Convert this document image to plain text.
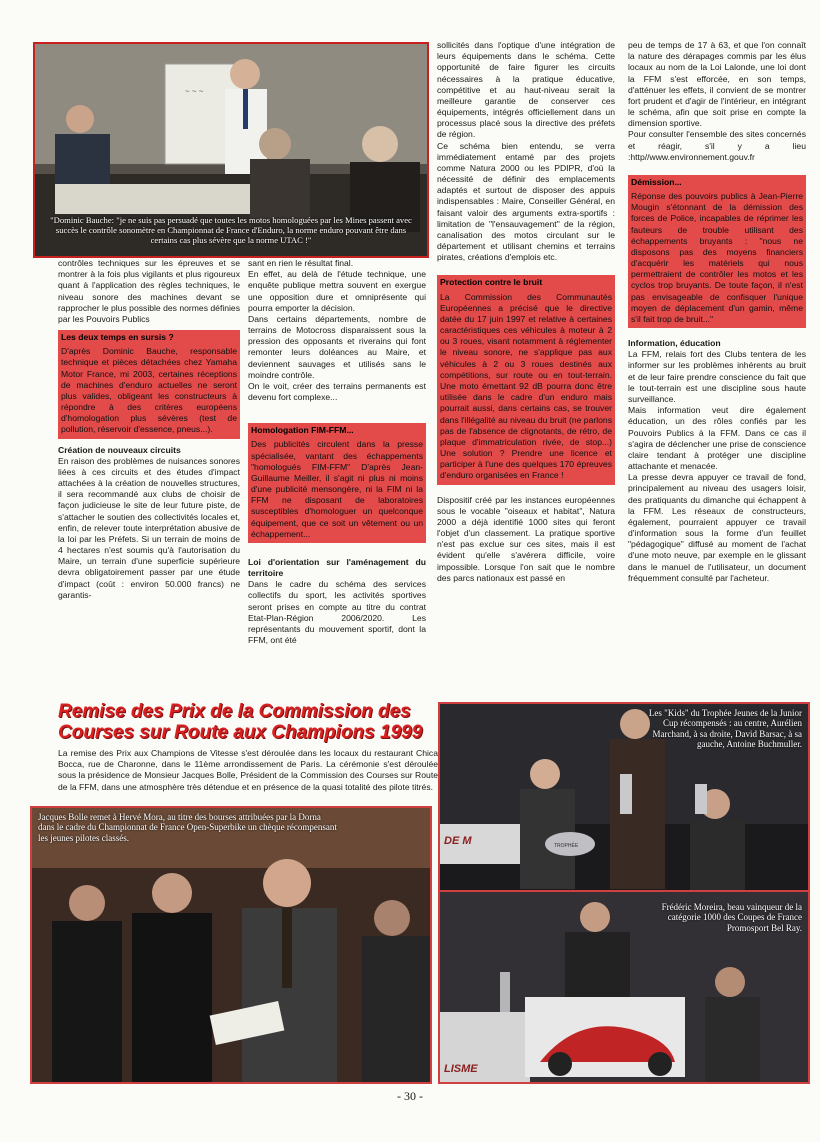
~ ~ ~
"Dominic Bauche: "je ne suis pas persuadé que toutes les motos homologuées par les Mines passent avec succès le contrôle sonomètre en Championnat de France d'Enduro, la norme enduro pouvant être dans certains cas plus sévère que la norme UTAC !"

contrôles techniques sur les épreuves et se montrer à la fois plus vigilants et plus rigoureux quant à l'application des règles techniques, le niveau sonore des machines devant se rapprocher le plus possible des normes définies par les Pouvoirs Publics

Les deux temps en sursis ?
D'après Dominic Bauche, responsable technique et pièces détachées chez Yamaha Motor France, mi 2003, certaines réceptions de machines d'enduro actuelles ne seront plus valides, obligeant les constructeurs à répondre à des critères européens d'homologation plus sévères (test de pollution, réservoir d'essence, pneus...).
Création de nouveaux circuits

En raison des problèmes de nuisances sonores liées à ces circuits et des études d'impact attachées à la création de nouvelles structures, il sera recommandé aux clubs de choisir de façon judicieuse le site de leur future piste, de s'attacher le soutien des collectivités locales et, enfin, de relever toute interprétation abusive de la loi par les Préfets. Si un terrain de moins de 4 hectares n'est soumis qu'à l'autorisation du Maire, un terrain d'une superficie supérieure devra obligatoirement passer par une étude d'impact (coût : environ 50.000 francs) ne garantis-

sant en rien le résultat final.

En effet, au delà de l'étude technique, une enquête publique mettra souvent en exergue une opposition dure et omniprésente qui pourra emporter la décision.

Dans certains départements, nombre de terrains de Motocross disparaissent sous la pression des opposants et riverains qui font remonter leurs doléances au Maire, et deviennent sauvages et utilisés sans le moindre contrôle.

On le voit, créer des terrains permanents est devenu fort complexe...

Homologation FIM-FFM...
Des publicités circulent dans la presse spécialisée, vantant des échappements "homologués FIM-FFM" D'après Jean-Guillaume Meiller, il s'agit ni plus ni moins d'une publicité mensongère, ni la FIM ni la FFM ne disposant de laboratoires susceptibles d'homologuer un quelconque équipement, que ce soit un vêtement ou un échappement...
Loi d'orientation sur l'aménagement du territoire

Dans le cadre du schéma des services collectifs du sport, les activités sportives seront prises en compte au titre du contrat Etat-Plan-Région 2006/2020. Les représentants du mouvement sportif, dont la FFM, ont été

sollicités dans l'optique d'une intégration de leurs équipements dans le schéma. Cette opportunité de faire figurer les circuits nécessaires à la pratique éducative, compétitive et au haut-niveau serait la meilleure garantie de conserver ces équipements, intégrés officiellement dans un processus placé sous la directive des préfets de région.

Ce schéma bien entendu, se verra immédiatement entamé par des projets comme Natura 2000 ou les PDIPR, d'où la nécessité de définir des emplacements adaptés et surtout de disposer des appuis indispensables : Maire, Conseiller Général, en faisant valoir des arguments extra-sportifs : limitation de "l'ensauvagement" de la région, canalisation des motos circulant sur le département et utilisant chemins et terrains pirates, créations d'emplois etc.

Protection contre le bruit
La Commission des Communautés Européennes a précisé que le directive datée du 17 juin 1997 et relative à certaines caractéristiques ces véhicules à moteur à 2 ou 3 roues, visant notamment à réglementer le niveau sonore, ne s'applique pas aux véhicules à 2 ou 3 roues destinés aux compétitions, sur route ou en tout-terrain. Une moto émettant 92 dB pourra donc être utilisée dans le cadre d'un enduro mais pourrait aussi, dans certains cas, se trouver dans l'illégalité au niveau du bruit (ne parlons pas de l'absence de clignotants, de rétro, de plaque d'immatriculation rivée, de stop...) Une solution ? Prendre une licence et participer à l'une des quelques 170 épreuves d'enduro organisées en France !

Dispositif créé par les instances européennes sous le vocable "oiseaux et habitat", Natura 2000 a déjà identifié 1000 sites qui feront l'objet d'un classement. La pratique sportive n'est pas exclue sur ces sites, mais il est évident qu'elle s'avérera difficile, voire impossible. Lorsque l'on sait que le nombre des parcs nationaux est passé en

peu de temps de 17 à 63, et que l'on connaît la nature des dérapages commis par les élus locaux au nom de la Loi Lalonde, une loi dont la FFM s'est efforcée, en son temps, d'atténuer les effets, il convient de se montrer fort prudent et d'agir de l'intérieur, en intégrant le schéma, afin que soit prise en compte la dimension sportive.

Pour consulter l'ensemble des sites concernés et réagir, s'il y a lieu :http//www.environnement.gouv.fr

Démission...
Réponse des pouvoirs publics à Jean-Pierre Mougin s'étonnant de la démission des forces de Police, incapables de réprimer les fauteurs de trouble utilisant des échappements bruyants : "nous ne disposons pas des moyens financiers d'acquérir les matériels qui nous permettraient de contrôler les motos et les cyclos trop bruyants. De toute façon, il n'est pas envisageable de confisquer l'unique moyen de déplacement d'un gamin, même s'il fait trop de bruit..."
Information, éducation

La FFM, relais fort des Clubs tentera de les informer sur les problèmes inhérents au bruit et de leur faire prendre conscience du fait que le tout-terrain est une discipline sous haute surveillance.

Mais information veut dire également éducation, un des rôles confiés par les Pouvoirs Publics à la FFM. Dans ce cas il s'agira de déclencher une prise de conscience claire tendant à protéger une discipline attachante et menacée.

La presse devra appuyer ce travail de fond, principalement au niveau des usagers loisir, des pratiquants du dimanche qui échappent à la FFM. Les réseaux de constructeurs, également, pourraient appuyer ce travail d'information sous la forme d'un feuillet "pédagogique" diffusé au moment de l'achat d'une moto neuve, par exemple en le glissant dans le manuel de l'utilisateur, un document fréquemment consulté par l'acheteur.

Remise des Prix de la Commission des Courses sur Route aux Champions 1999
La remise des Prix aux Champions de Vitesse s'est déroulée dans les locaux du restaurant Chica Bocca, rue de Charonne, dans le 11ème arrondissement de Paris. La cérémonie s'est déroulée sous la présidence de Monsieur Jacques Bolle, Président de la Commission des Courses sur Route de la FFM, dans une atmosphère très détendue et en présence de la quasi totalité des pilote titrés.
Jacques Bolle remet à Hervé Mora, au titre des bourses attribuées par la Dorna dans le cadre du Championnat de France Open-Superbike un chèque récompensant les jeunes pilotes classés.	DE M	TROPHÉE
Les "Kids" du Trophée Jeunes de la Junior Cup récompensés : au centre, Aurélien Marchand, à sa droite, David Barsac, à sa gauche, Antoine Buchmuller.
LISME
Frédéric Moreira, beau vainqueur de la catégorie 1000 des Coupes de France Promosport Bel Ray.
- 30 -
